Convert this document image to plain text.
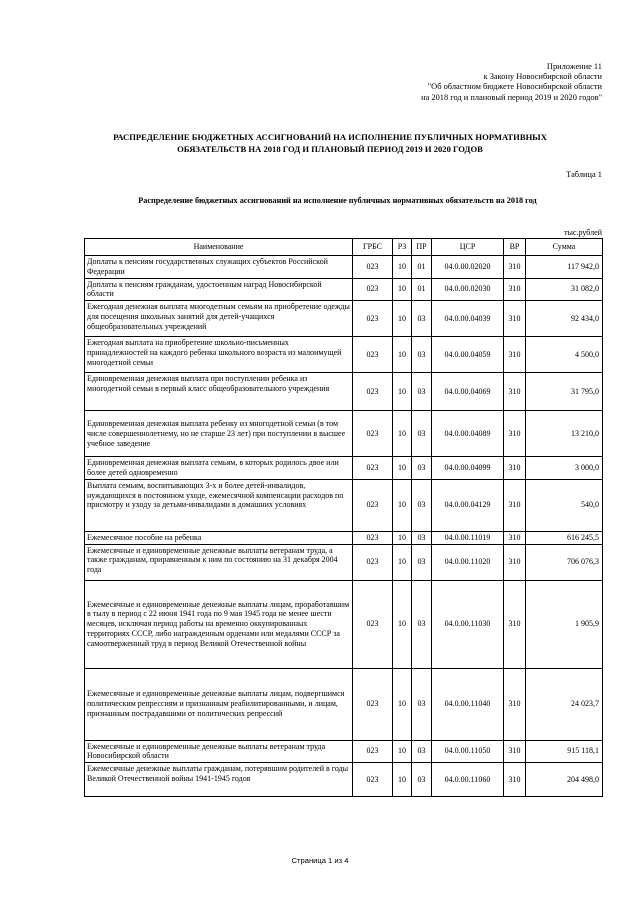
Приложение 11
к Закону Новосибирской области
"Об областном бюджете Новосибирской области
на 2018 год и плановый период 2019 и 2020 годов"
РАСПРЕДЕЛЕНИЕ БЮДЖЕТНЫХ АССИГНОВАНИЙ НА ИСПОЛНЕНИЕ ПУБЛИЧНЫХ НОРМАТИВНЫХ
ОБЯЗАТЕЛЬСТВ НА 2018 ГОД И ПЛАНОВЫЙ ПЕРИОД 2019 И 2020 ГОДОВ
Таблица 1
Распределение бюджетных ассигнований на исполнение публичных нормативных обязательств на 2018 год
тыс.рублей
Наименование	ГРБС	РЗ	ПР	ЦСР	ВР	Сумма
Доплаты к пенсиям государственных служащих субъектов Российской Федерации	023	10	01	04.0.00.02020	310	117 942,0
Доплаты к пенсиям гражданам, удостоенным наград Новосибирской области	023	10	01	04.0.00.02030	310	31 082,0
Ежегодная денежная выплата многодетным семьям на приобретение одежды для посещения школьных занятий для детей-учащихся общеобразовательных учреждений	023	10	03	04.0.00.04039	310	92 434,0
Ежегодная выплата на приобретение школьно-письменных принадлежностей на каждого ребенка школьного возраста из малоимущей многодетной семьи	023	10	03	04.0.00.04059	310	4 500,0
Единовременная денежная выплата при поступлении ребенка из многодетной семьи в первый класс общеобразовательного учреждения	023	10	03	04.0.00.04069	310	31 795,0
Единовременная денежная выплата ребенку из многодетной семьи (в том числе совершеннолетнему, но не старше 23 лет) при поступлении в высшее учебное заведение	023	10	03	04.0.00.04089	310	13 210,0
Единовременная денежная выплата семьям, в которых родилось двое или более детей одновременно	023	10	03	04.0.00.04099	310	3 000,0
Выплата семьям, воспитывающих 3-х и более детей-инвалидов, нуждающихся в постоянном уходе, ежемесячной компенсации расходов по присмотру и уходу за детьми-инвалидами в домашних условиях	023	10	03	04.0.00.04129	310	540,0
Ежемесячное пособие на ребенка	023	10	03	04.0.00.11019	310	616 245,5
Ежемесячные и единовременные денежные выплаты ветеранам труда, а также гражданам, приравненным к ним по состоянию на 31 декабря 2004 года	023	10	03	04.0.00.11020	310	706 076,3
Ежемесячные и единовременные денежные выплаты лицам, проработавшим в тылу в период с 22 июня 1941 года по 9 мая 1945 года не менее шести месяцев, исключая период работы на временно оккупированных территориях СССР, либо награжденным орденами или медалями СССР за самоотверженный труд в период Великой Отечественной войны	023	10	03	04.0.00.11030	310	1 905,9
Ежемесячные и единовременные денежные выплаты лицам, подвергшимся политическим репрессиям и признанным реабилитированными, и лицам, признанным пострадавшими от политических репрессий	023	10	03	04.0.00.11040	310	24 023,7
Ежемесячные и единовременные денежные выплаты ветеранам труда Новосибирской области	023	10	03	04.0.00.11050	310	915 118,1
Ежемесячные денежные выплаты гражданам, потерявшим родителей в годы Великой Отечественной войны 1941-1945 годов	023	10	03	04.0.00.11060	310	204 498,0
Страница 1 из 4
